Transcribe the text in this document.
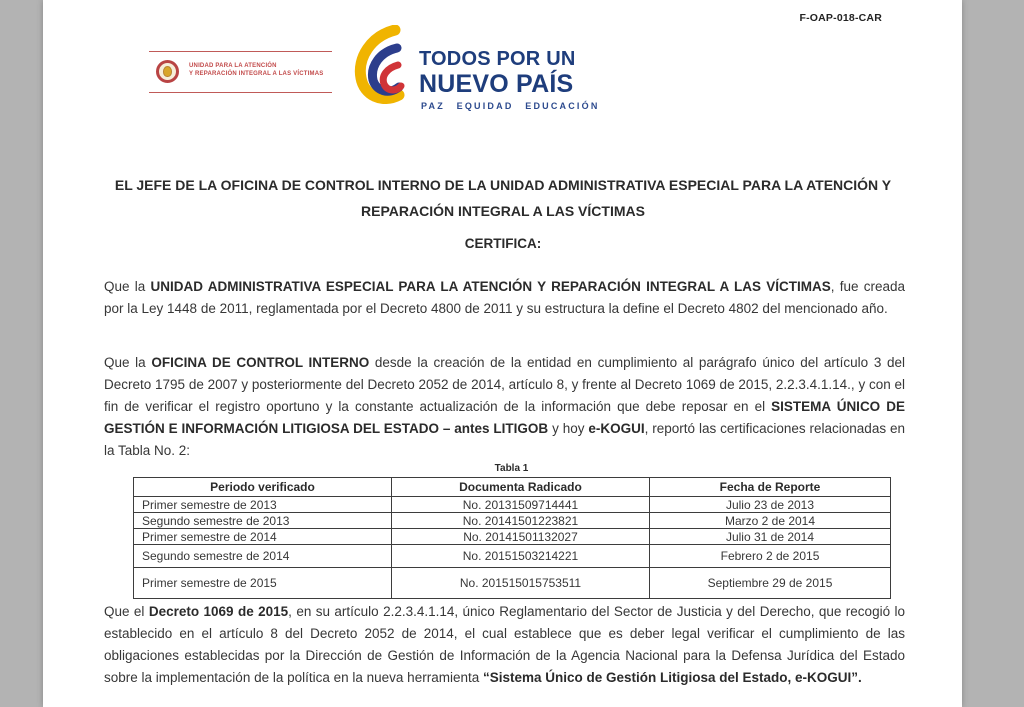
F-OAP-018-CAR
UNIDAD PARA LA ATENCIÓN
Y REPARACIÓN INTEGRAL A LAS VÍCTIMAS
TODOS POR UN
NUEVO PAÍS
PAZ EQUIDAD EDUCACIÓN
EL JEFE DE LA OFICINA DE CONTROL INTERNO DE LA UNIDAD ADMINISTRATIVA ESPECIAL PARA LA ATENCIÓN Y REPARACIÓN INTEGRAL A LAS VÍCTIMAS
CERTIFICA:

Que la UNIDAD ADMINISTRATIVA ESPECIAL PARA LA ATENCIÓN Y REPARACIÓN INTEGRAL A LAS VÍCTIMAS, fue creada por la Ley 1448 de 2011, reglamentada por el Decreto 4800 de 2011 y su estructura la define el Decreto 4802 del mencionado año.

Que la OFICINA DE CONTROL INTERNO desde la creación de la entidad en cumplimiento al parágrafo único del artículo 3 del Decreto 1795 de 2007 y posteriormente del Decreto 2052 de 2014, artículo 8, y frente al Decreto 1069 de 2015, 2.2.3.4.1.14., y con el fin de verificar el registro oportuno y la constante actualización de la información que debe reposar en el SISTEMA ÚNICO DE GESTIÓN E INFORMACIÓN LITIGIOSA DEL ESTADO – antes LITIGOB y hoy e-KOGUI, reportó las certificaciones relacionadas en la Tabla No. 2:

Tabla 1
Periodo verificado	Documenta Radicado	Fecha de Reporte
Primer semestre de 2013	No. 20131509714441	Julio 23 de 2013
Segundo semestre de 2013	No. 20141501223821	Marzo 2 de 2014
Primer semestre de 2014	No. 20141501132027	Julio 31 de 2014
Segundo semestre de 2014	No. 20151503214221	Febrero 2 de 2015
Primer semestre de 2015	No. 201515015753511	Septiembre 29 de 2015

Que el Decreto 1069 de 2015, en su artículo 2.2.3.4.1.14, único Reglamentario del Sector de Justicia y del Derecho, que recogió lo establecido en el artículo 8 del Decreto 2052 de 2014, el cual establece que es deber legal verificar el cumplimiento de las obligaciones establecidas por la Dirección de Gestión de Información de la Agencia Nacional para la Defensa Jurídica del Estado sobre la implementación de la política en la nueva herramienta “Sistema Único de Gestión Litigiosa del Estado, e-KOGUI”.
